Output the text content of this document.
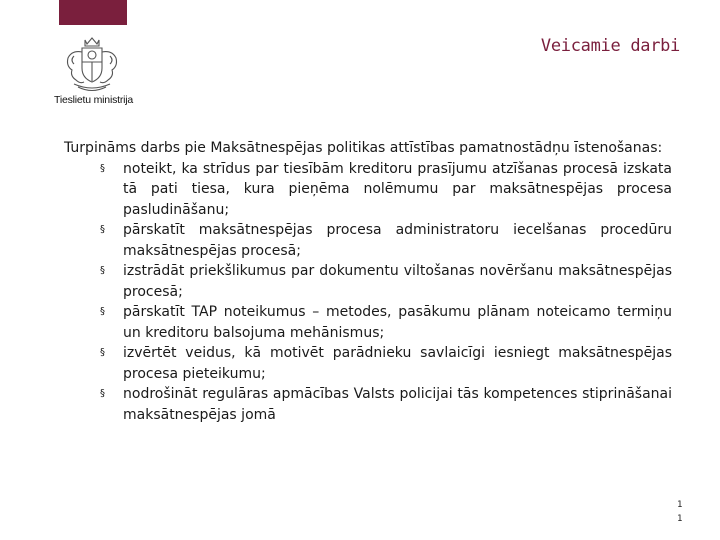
Tieslietu ministrija
Veicamie darbi

Turpināms darbs pie Maksātnespējas politikas attīstības pamatnostādņu īstenošanas:

§ noteikt, ka strīdus par tiesībām kreditoru prasījumu atzīšanas procesā izskata tā pati tiesa, kura pieņēma nolēmumu par maksātnespējas procesa pasludināšanu;
§ pārskatīt maksātnespējas procesa administratoru iecelšanas procedūru maksātnespējas procesā;
§ izstrādāt priekšlikumus par dokumentu viltošanas novēršanu maksātnespējas procesā;
§ pārskatīt TAP noteikumus – metodes, pasākumu plānam noteicamo termiņu un kreditoru balsojuma mehānismus;
§ izvērtēt veidus, kā motivēt parādnieku savlaicīgi iesniegt maksātnespējas procesa pieteikumu;
§ nodrošināt regulāras apmācības Valsts policijai tās kompetences stiprināšanai maksātnespējas jomā
11
